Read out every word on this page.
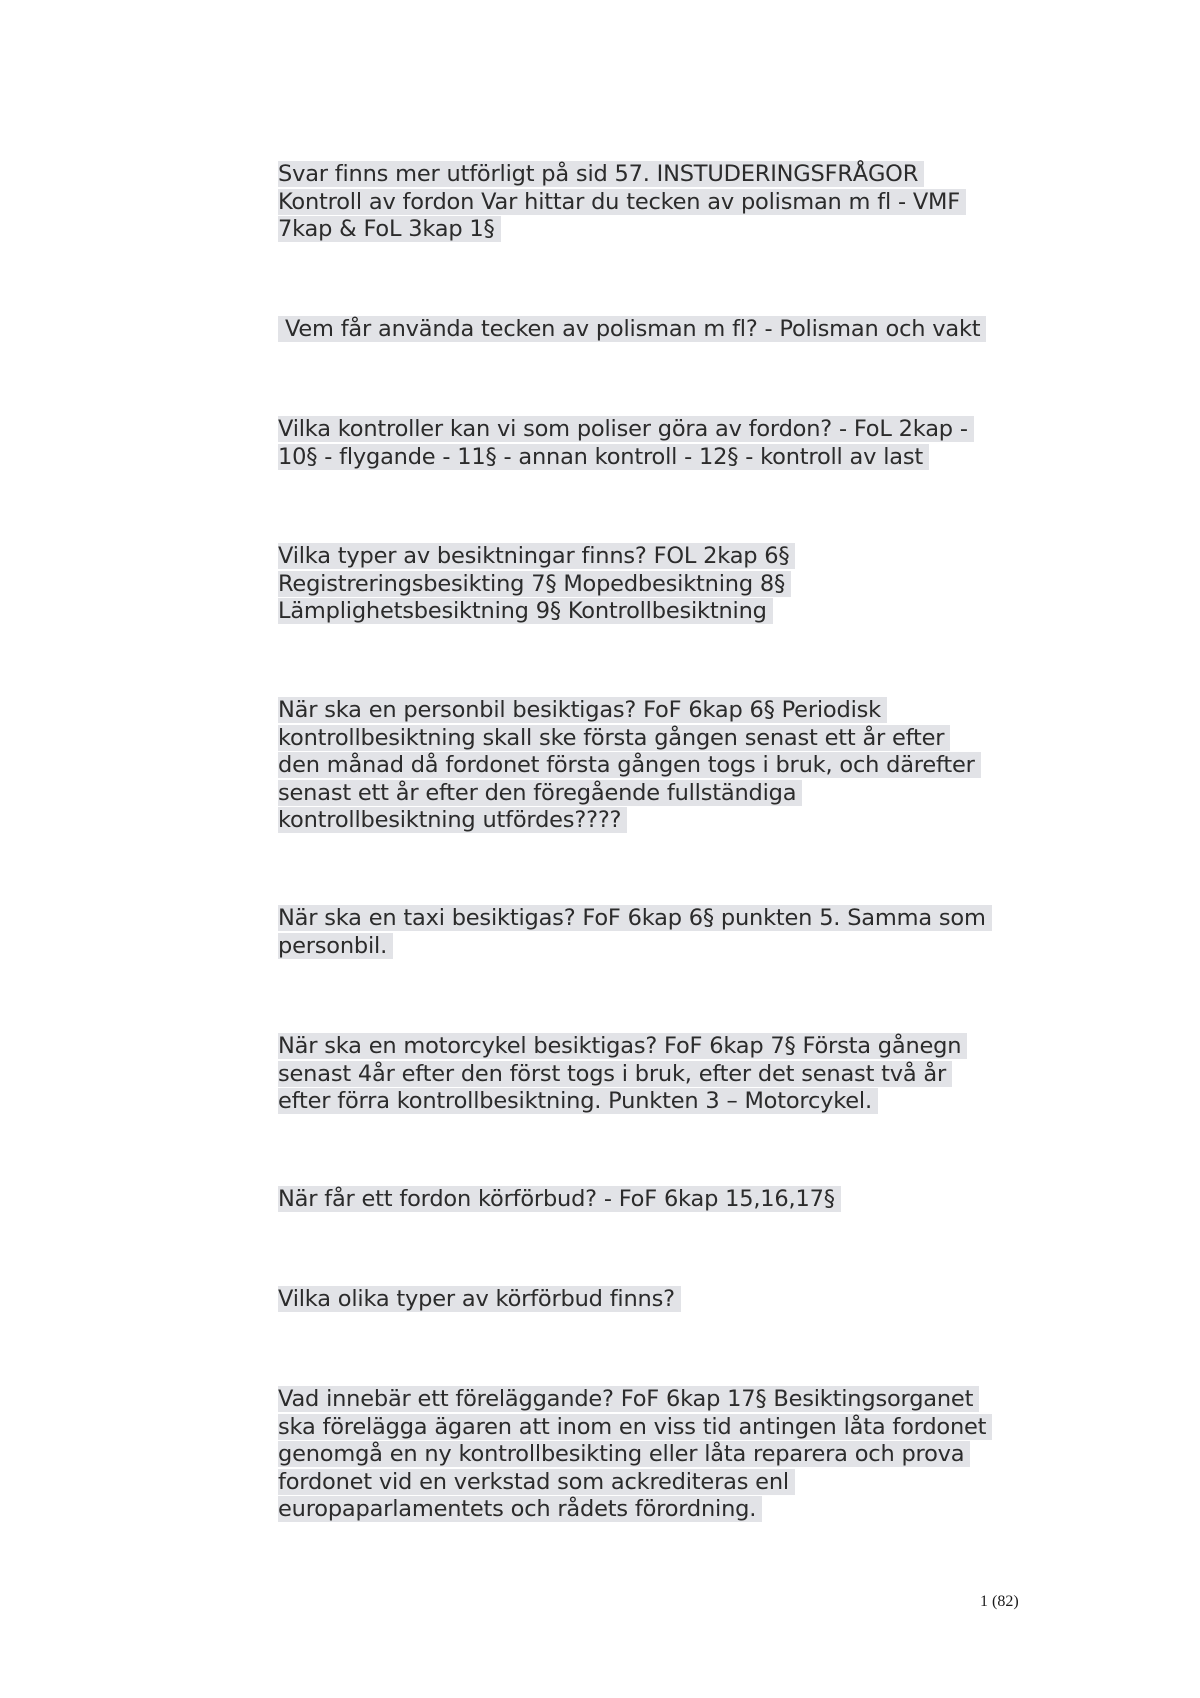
Svar finns mer utförligt på sid 57. INSTUDERINGSFRÅGOR
Kontroll av fordon Var hittar du tecken av polisman m fl - VMF
7kap & FoL 3kap 1§
Vem får använda tecken av polisman m fl? - Polisman och vakt
Vilka kontroller kan vi som poliser göra av fordon? - FoL 2kap -
10§ - flygande - 11§ - annan kontroll - 12§ - kontroll av last
Vilka typer av besiktningar finns? FOL 2kap 6§
Registreringsbesikting 7§ Mopedbesiktning 8§
Lämplighetsbesiktning 9§ Kontrollbesiktning
När ska en personbil besiktigas? FoF 6kap 6§ Periodisk
kontrollbesiktning skall ske första gången senast ett år efter
den månad då fordonet första gången togs i bruk, och därefter
senast ett år efter den föregående fullständiga
kontrollbesiktning utfördes????
När ska en taxi besiktigas? FoF 6kap 6§ punkten 5. Samma som
personbil.
När ska en motorcykel besiktigas? FoF 6kap 7§ Första gånegn
senast 4år efter den först togs i bruk, efter det senast två år
efter förra kontrollbesiktning. Punkten 3 – Motorcykel.
När får ett fordon körförbud? - FoF 6kap 15,16,17§
Vilka olika typer av körförbud finns?
Vad innebär ett föreläggande? FoF 6kap 17§ Besiktingsorganet
ska förelägga ägaren att inom en viss tid antingen låta fordonet
genomgå en ny kontrollbesikting eller låta reparera och prova
fordonet vid en verkstad som ackrediteras enl
europaparlamentets och rådets förordning.
1 (82)
